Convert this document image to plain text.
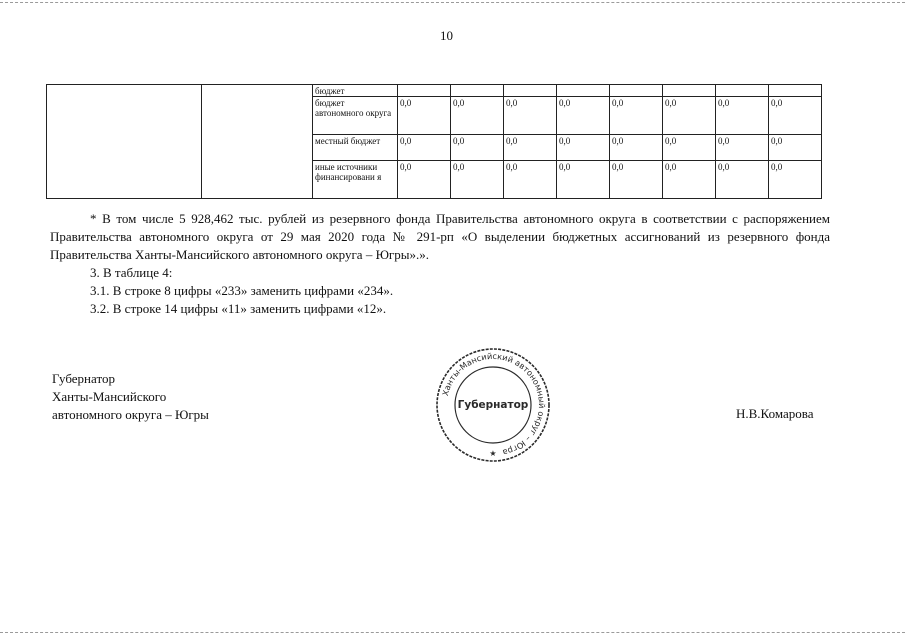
10
		бюджет								
		бюджет автономного округа	0,0	0,0	0,0	0,0	0,0	0,0	0,0	0,0
		местный бюджет	0,0	0,0	0,0	0,0	0,0	0,0	0,0	0,0
		иные источники финансировани я	0,0	0,0	0,0	0,0	0,0	0,0	0,0	0,0

* В том числе 5 928,462 тыс. рублей из резервного фонда Правительства автономного округа в соответствии с распоряжением Правительства автономного округа от 29 мая 2020 года № 291-рп «О выделении бюджетных ассигнований из резервного фонда Правительства Ханты-Мансийского автономного округа – Югры».».

3. В таблице 4:

3.1. В строке 8 цифры «233» заменить цифрами «234».

3.2. В строке 14 цифры «11» заменить цифрами «12».

Губернатор
Ханты-Мансийского
автономного округа – Югры	Н.В.Комарова
Ханты-Мансийский автономный округ – Югра
Губернатор
★
